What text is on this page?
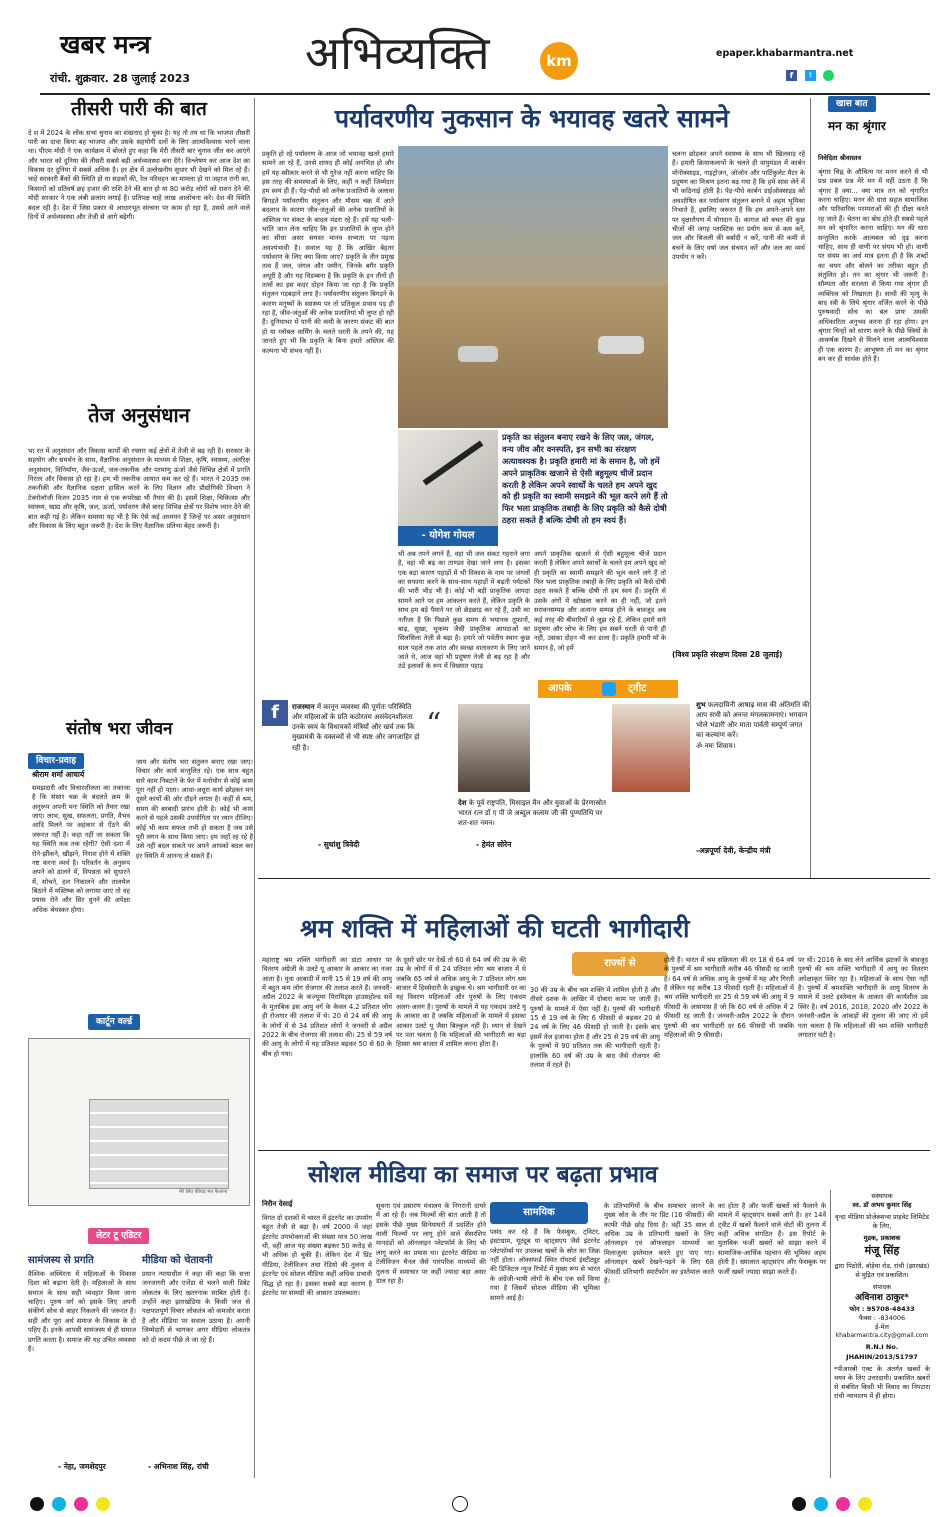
खबर मन्त्र
रांची. शुक्रवार. 28 जुलाई 2023 अभिव्यक्ति	km	epaper.khabarmantra.net
f	t
तीसरी पारी की बात
दे श में 2024 के लोक सभा चुनाव का शंखनाद हो चुका है। यह तो तय था कि भाजपा तीसरी पारी का दावा किया बह भाजपा और उसके सहयोगी दलों के लिए आत्मविश्वास भरने वाला था। पीएम मोदी ने एक कार्यक्रम में बोलते हुए कहा कि मेरी तीसरी बार चुनाव जीत कर आएंगे और भारत को दुनिया की तीसरी सबसे बड़ी अर्थव्यवस्था बना देंगे। विश्लेषण कर आज देश का विकास दर दुनिया में सबसे अधिक है। हर क्षेत्र में उल्लेखनीय सुधार भी देखने को मिल रहे हैं। चाहे सरकारी बैंकों की स्थिति हो या सड़कों की, रेल परिवहन का मामला हो या जहाज रानी का, किसानों को प्रतिवर्ष छह हजार की राशि देने की बात हो या 80 करोड़ लोगों को राशन देने की मोदी सरकार ने एक लंबी छलांग लगाई है। प्रतिपक्ष चाहे लाख आलोचना करे। देश की स्थिति बदल रही है। देश में जिस प्रकार से आधारभूत संरचना पर काम हो रहा है, उससे आने वाले दिनों में अर्थव्यवस्था और तेजी से आगे बढ़ेगी।
तेज अनुसंधान
भा रत में अनुसंधान और विकास कार्यों की रफ्तार कई क्षेत्रों में तेजी से बढ़ रही है। सरकार के सहयोग और समर्थन के साथ, वैज्ञानिक अनुसंधान के माध्यम से शिक्षा, कृषि, स्वास्थ्य, अंतरिक्ष अनुसंधान, विनिर्माण, जैव-ऊर्जा, जल-तकनीक और परमाणु ऊर्जा जैसे विभिन्न क्षेत्रों में प्रगति निरंतर और विकास हो रहा है। हम भी तकनीक आयात कम कर रहे हैं। भारत ने 2035 तक तकनीकी और वैज्ञानिक दक्षता हासिल करने के लिए विज्ञान और प्रौद्योगिकी विभाग ने टेक्नोलॉजी विजन 2035 नाम से एक रूपरेखा भी तैयार की है। इसमें शिक्षा, चिकित्सा और स्वास्थ्य, खाद्य और कृषि, जल, ऊर्जा, पर्यावरण जैसे बारह विभिन्न क्षेत्रों पर विशेष ध्यान देने की बात कही गई है। लेकिन समस्या यह भी है कि ऐसे कई अध्ययन हैं जिन्हें पर असर अनुसंधान और विकास के लिए बहुत जरूरी है। देश के लिए वैज्ञानिक प्रतिभा बेहद जरूरी है।
संतोष भरा जीवन
विचार-प्रवाह
श्रीराम शर्मा आचार्य
समझदारी और विचारशीलता का तकाजा है कि संसार चक्र के बदलते क्रम के अनुरूप अपनी मनः स्थिति को तैयार रखा जाए। लाभ, सुख, सफलता, प्रगति, वैभव आदि मिलने पर अहंकार से ऐंठने की जरूरत नहीं है। कहा नहीं जा सकता कि यह स्थिति कब तक रहेगी? ऐसी दशा में रोने-झींकने, खीझने, निराश होने में शक्ति नष्ट करना व्यर्थ है। परिवर्तन के अनुरूप अपने को ढालने में, विपन्नता को सुधारने में, सोचने, हल निकालने और तालमेल बिठाने में मस्तिष्क को लगाया जाए तो वह प्रयास रोने और सिर धुनने की अपेक्षा अधिक श्रेयस्कर होगा।
जाय और संतोष भरा संतुलन बनाए रखा जाए। विचार और कार्य सन्तुलित रहे। एक साथ बहुत सारे काम निबटाने के फेर में मनोयोग से कोई काम पूरा नहीं हो पाता। आधा-अधूरा कार्य छोड़कर मन दूसरे कार्यों की ओर दौड़ने लगता है। कहीं से श्रम, समय की बरबादी प्रारंभ होती है। कोई भी काम करने से पहले उसकी उपयोगिता पर ध्यान दीजिए। कोई भी काम सफल तभी हो सकता है जब उसे पूरी लगन के साथ किया जाए। हम जहाँ रह रहे हैं उसे नहीं बदल सकते पर अपने आपको बदल कर हर स्थिति में आनन्द ले सकते हैं।
कार्टून वर्ल्ड
मेरे लिए कीचड़ मत फैलाना
लेटर टू एडिटर
सामंजस्य से प्रगति
वैश्विक अस्थिरता में महिलाओं के विकास दिशा को बढ़ाना देती है। महिलाओं के साथ समाज के साथ सही व्यवहार किया जाना चाहिए। पुरुष वर्ग को इसके लिए अपनी संकीर्ण सोच से बाहर निकलने की जरूरत है। सही और पूरा अर्थ समाज के विकास के दो पहिए हैं। इनके आपसी सामंजस्य से ही समाज प्रगति करता है। समाज की यह उचित व्यवस्था है।
- नेहा, जमशेदपुर
मीडिया को चेतावनी
प्रधान न्यायाधीश ने कहा की कहा कि सत्ता जनजागरी और एजेंडा से चलने वाली डिबेट लोकतंत्र के लिए खतरनाक साबित होती है। उन्होंने कहा झारखंडिया के किसी जज से पक्षपातपूर्ण विचार लोकतंत्र को कमजोर करता है और मीडिया पर सवाल उठाया है। अपनी जिम्मेदारी से भागकर अगर मीडिया लोकतंत्र को दो कदम पीछे ले जा रहे हैं।
- अभिनाश सिंह, रांची
पर्यावरणीय नुकसान के भयावह खतरे सामने
प्रकृति हो रहे पर्यावरण के आज जो भयावह खतरे हमारे सामने आ रहे हैं, उनसे शायद ही कोई अनभिज्ञ हो और हमें यह स्वीकार करने से भी गुरेज नहीं करना चाहिए कि इस तरह की समस्याओं के लिए, कहीं न कहीं जिम्मेदार हम स्वयं ही हैं। पेड़-पौधों को अनेक प्रजातियों के अलावा बिगड़ते पर्यावरणीय संतुलन और मौसम चक्र में आते बदलाव के कारण जीव-जंतुओं की अनेक प्रजातियों के अस्तित्व पर संकट के बादल मंडरा रहे हैं। हमें यह भली-भांति जान लेना चाहिए कि इन प्रजातियों के लुप्त होने का सीधा असर समस्त मानव सभ्यता पर पड़ना अवश्यंभावी है। सवाल यह है कि आखिर बेहतर पर्यावरण के लिए क्या किया जाए? प्रकृति के तीन प्रमुख तत्व हैं जल, जंगल और जमीन, जिनके बगैर प्रकृति अधूरी है और यह विडम्बना है कि प्रकृति के इन तीनों ही तत्वों का इस कदर दोहन किया जा रहा है कि प्रकृति संतुलन गड़बड़ाने लगा है। पर्यावरणीय संतुलन बिगड़ने के कारण मनुष्यों के स्वास्थ्य पर तो प्रतिकूल प्रभाव पड़ ही रहा है, जीव-जंतुओं की अनेक प्रजातियां भी लुप्त हो रही हैं। दुनियाभर में पानी की कमी के कारण संकट की बात हो या ग्लोबल वार्मिंग के चलते धरती के तपने की, यह जानते हुए भी कि प्रकृति के बिना हमारे अस्तित्व की कल्पना भी संभव नहीं है।
- योगेश गोयल
प्रकृति का संतुलन बनाए रखने के लिए जल, जंगल, वन्य जीव और वनस्पति, इन सभी का संरक्षण अत्यावश्यक है। प्रकृति हमारी मां के समान है, जो हमें अपने प्राकृतिक खजाने से ऐसी बहुमूल्य चीजें प्रदान करती है लेकिन अपने स्वार्थों के चलते हम अपने खुद को ही प्रकृति का स्वामी समझने की भूल करने लगे हैं तो फिर भला प्राकृतिक तबाही के लिए प्रकृति को कैसे दोषी ठहरा सकते हैं बल्कि दोषी तो हम स्वयं हैं।
भी अब तपने लगने हैं, वहां भी जल संकट गहराने लगा है, वहां भी बढ़ का ताण्डव देखा जाने लगा है। इसका एक बड़ा कारण पहाड़ों में भी विकास के नाम पर जंगलों का सफाया करने के साथ-साथ पहाड़ों में बढ़ती पर्यटकों की भारी भीड़ भी है। कोई भी बड़ी प्राकृतिक आपदा सामने आने पर हम आंकलन करते हैं, लेकिन प्रकृति के साथ हम बड़े पैमाने पर जो छेड़छाड़ कर रहे हैं, उसी का नतीजा है कि पिछले कुछ समय से भयानक तूफानों, बाढ़, सूखा, भूकम्प जैसी प्राकृतिक आपदाओं का सिलसिला तेज़ी से बढ़ा है। हमारे जो पर्वतीय स्थान कुछ साल पहले तक शांत और स्वच्छ वातावरण के लिए जाने जाते थे, आज वहां भी प्रदूषण तेजी से बढ़ रहा है और ठंडे इलाकों के रूप में विख्यात पहाड़
अपने प्राकृतिक खजाने से ऐसी बहुमूल्य चीजें प्रदान करती है लेकिन अपने स्वार्थों के चलते हम अपने खुद को ही प्रकृति का स्वामी समझने की भूल करने लगे हैं तो फिर भला प्राकृतिक तबाही के लिए प्रकृति को कैसे दोषी ठहरा सकते हैं बल्कि दोषी तो हम स्वयं हैं। प्रकृति से उसके अंगों में खोखला करने का ही नहीं, जो इतने सरावनसम्पन्न और अत्यन्त सम्पन्न होने के बावजूद अब कई तरह की बीमारियों से जूझ रहे हैं, लेकिन हमारे सारे प्रदूषण और लोभ के लिए हम सबने धरती से पानी ही नहीं, उसका दोहन भी कर डाला है। प्रकृति हमारी माँ के समान है, जो हमें
चलना छोड़कर अपने स्वास्थ्य के साथ भी खिलवाड़ रहे हैं। हमारी क्रियाकलापों के चलते ही वायुमंडल में कार्बन मोनोक्साइड, नाइट्रोजन, ओजोन और पार्टिकुलेट मैटर के प्रदूषण का मिश्रण इतना बढ़ गया है कि हमें सांस लेने में भी कठिनाई होती है। पेड़-पौधे कार्बन डाईऑक्साइड को अवशोषित कर पर्यावरण संतुलन बनाने में अहम भूमिका निभाते हैं, इसलिए जरूरत है कि हम अपने-अपने स्तर पर वृक्षारोपण में योगदान दें। कागज को बचत की कुछ चीजों की जगह प्लास्टिक का प्रयोग कम से कम करें, जल और बिजली की बर्बादी न करें, पानी की कमी से बचने के लिए वर्षा जल संचयन करें और जल का व्यर्थ उपयोग न करें।
(विश्व प्रकृति संरक्षण दिवस 28 जुलाई)
आपके	ट्वीट
f	राजस्थान में कानून व्यवस्था की पूर्णतः परिस्थिति और महिलाओं के प्रति कठोरतम असंवेदनशीलता उनके स्वयं के विधायकों मंत्रियों और खर्च तक कि मुख्यमंत्री के वक्तव्यों से भी स्पष्ट और जगजाहिर हो रही है।
- सुधांशु त्रिवेदी
“
देश के पूर्व राष्ट्रपति, मिसाइल मैन और युवाओं के प्रेरणास्रोत भारत रत्न डॉ ए पी जे अब्दुल कलाम जी की पुण्यतिथि पर शत-शत नमन।
- हेमंत सोरेन
शुभ फलदायिनी आषाढ़ मास की अंतिमति की आप सभी को अनन्त मंगलकामनाएं। भगवान भोले भंडारी और माता पार्वती सम्पूर्ण जगत का कल्याण करें।
ॐ नमः शिवाय।
-अन्नपूर्णा देवी, केन्द्रीय मंत्री
खास बात
मन का श्रृंगार
निवेदिता श्रीवास्तव
श्रृंगार चिह्न के औचित्य पर मनन करने से भी प्रश्न प्रबल प्रश्न मेरे मन में वहीं उठता है कि श्रृंगार है क्या... क्या मात्र तन को शृंगारित करना चाहिए। मनन की धारा सहज सामाजिक और पारिवारिक परम्पराओं की ही दीक्षा करते रह जाते हैं। चेतना का बोध होते ही सबसे पहले मन को श्रृंगारित करना चाहिए। मन की धारा सन्तुलित करके आत्मबल को दृढ़ करना चाहिए, साथ ही वाणी पर संयम भी हो। वाणी पर संयम का अर्थ मात्र इतना ही है कि शब्दों का चयन और बोलने का तरीका बहुत ही संतुलित हो। तन का श्रृंगार भी जरूरी है। सौम्यता और सरलता से किया गया श्रृंगार ही व्यक्तित्व को निखारता है। साथी की मृत्यु के बाद स्त्री के लिये श्रृंगार वर्जित करने के पीछे पुरुषवादी सोच का बल प्रायः उसकी अधिकारिता अनुभव करना ही रहा होगा। इन श्रृंगार चिन्हों को धारण करने के पीछे स्त्रियों के आकर्षक दिखने से मिलने वाला आत्मविश्वास ही एक कारण है। आभूषण तो मन का श्रृंगार बन कर ही सार्थक होते हैं।
श्रम शक्ति में महिलाओं की घटती भागीदारी
राज्यों से
महाराष्ट्र श्रम शक्ति भागीदारी का डाटा आधार पर वितरण अंग्रेजी के उलटे यू आकार के आकार का नजर आता है। युवा आबादी में यानी 15 से 19 वर्ष की आयु में बहुत कम लोग रोजगार की तलाश करते हैं। जनवरी-अप्रैल 2022 के कंज्यूमर पिरामिड्स हाउसहोल्ड सर्वे के मुताबिक इस आयु वर्ग के केवल 4.2 प्रतिशत लोग ही रोजगार की तलाश में थे। 20 से 24 वर्ष की आयु के लोगों में से 34 प्रतिशत लोगों ने जनवरी से अप्रैल 2022 के बीच रोजगार की तलाश की। 25 से 59 वर्ष की आयु के लोगों में यह प्रतिशत बढ़कर 50 से 60 के बीच हो गया।
के दूसरे छोर पर देखें तो 60 से 64 वर्ष की उम्र के की उम्र के लोगों में से 24 प्रतिशत लोग श्रम बाजार में थे जबकि 65 वर्ष से अधिक आयु के 7 प्रतिशत लोग श्रम बाजार में हिस्सेदारी के इच्छुक थे। श्रम भागीदारी दर का यह विवरण महिलाओं और पुरुषों के लिए एकदम अलग-अलग है। पुरुषों के मामले में यह एकदम उलटे यू के आकार का है जबकि महिलाओं के मामले में इसका आकार उलटे यू जैसा बिल्कुल नहीं है। ध्यान से देखने पर पता चलता है कि महिलाओं की भागीदारी का बड़ा हिस्सा श्रम बाजार में शामिल करना होता है।
30 की उम्र के बीच श्रम शक्ति में शामिल होती है और तीसरे दशक के आखिर में दोबारा काम पर जाती हैं। पुरुषों के मामले में ऐसा नहीं है। पुरुषों की भागीदारी 15 से 19 वर्ष के लिए 6 फीसदी से बढ़कर 20 से 24 वर्ष के लिए 46 फीसदी हो जाती है। इसके बाद इसमें तेज इजाफा होता है और 25 से 29 वर्ष की आयु के पुरुषों में 90 प्रतिशत तक की भागीदारी रहती है। हालांकि 60 वर्ष की उम्र के बाद जैसे रोजगार की तलाश में रहते हैं।
होती हैं। भारत में श्रम सक्रियता की दर 18 से 64 वर्ष के पुरुषों में श्रम भागीदारी करीब 46 फीसदी रह जाती है। 64 वर्ष से अधिक आयु के पुरुषों में यह और गिरती है लेकिन यह करीब 13 फीसदी रहती है। महिलाओं में श्रम शक्ति भागीदारी दर 25 से 59 वर्ष की आयु में 9 फीसदी के आसपास है जो कि 60 वर्ष से अधिक में 2 फीसदी रह जाती है। जनवरी-अप्रैल 2022 के दौरान पुरुषों की श्रम भागीदारी दर 66 फीसदी थी जबकि महिलाओं की 9 फीसदी।
पर थी। 2016 के बाद लेने आर्थिक झटकों के बावजूद पुरुषों की श्रम शक्ति भागीदारी में आयु का वितरण अपेक्षाकृत स्थिर रहा है। महिलाओं के साथ ऐसा नहीं है। पुरुषों में श्रमशक्ति भागीदारी के आयु वितरण के मामले में उलटे इस्तेमाल के आकार की कार्यशील उम्र स्थिर है। वर्ष 2016, 2018, 2020 और 2022 के जनवरी-अप्रैल के आंकड़ों की तुलना की जाए तो हमें पता चलता है कि महिलाओं की श्रम शक्ति भागीदारी लगातार घटी है।
सोशल मीडिया का समाज पर बढ़ता प्रभाव
निरीन देसाई
विगत दो दशकों में भारत में इंटरनेट का उपयोग बहुत तेजी से बढ़ा है। वर्ष 2000 में जहां इंटरनेट उपभोक्ताओं की संख्या मात्र 50 लाख थी, वहीं आज यह संख्या बढ़कर 50 करोड़ से भी अधिक हो चुकी है। लेकिन देश में प्रिंट मीडिया, टेलीविजन तथा रेडियो की तुलना में इंटरनेट एवं सोशल मीडिया कहीं अधिक प्रभावी सिद्ध हो रहा है। इसका सबसे बड़ा कारण है इंटरनेट पर सामग्री की आसान उपलब्धता।
सूचना एवं प्रसारण मंत्रालय के निगरानी दायरे में आ रहे हैं। जब फिल्मों की बात आती है तो इसके पीछे मुख्य सिनेमाघरों में प्रदर्शित होने वाली फिल्मों पर लागू होने वाले सेंसरशिप मानदंडों को ऑनलाइन प्लेटफॉर्म के लिए भी लागू करने का प्रयास था। इंटरनेट मीडिया या टेलीविजन चैनल जैसे पारंपरिक माध्यमों की तुलना में समाचार पर कहीं ज्यादा बड़ा असर डाल रहा है।
सामयिक
पसंद कर रहे हैं कि फेसबुक, ट्विटर, इंस्टाग्राम, यूट्यूब या व्हाट्सएप जैसे इंटरनेट प्लेटफॉर्म्स पर उपलब्ध खबरें के स्रोत का जिक्र नहीं होता। ऑक्सफर्ड स्थित रॉयटर्स इंस्टीट्यूट की डिजिटल न्यूज रिपोर्ट में मुख्य रूप से भारत के अंग्रेजी-भाषी लोगों के बीच एक सर्वे किया गया है जिसमें सोशल मीडिया की भूमिका सामने आई है।
के प्रतिभागियों के बीच समाचार जानने के मुख्य स्रोत के तौर पर प्रिंट (16 फीसदी) की काफी पीछे छोड़ दिया है। वहीं 35 साल से अधिक उम्र के प्रतिभागी खबरों के लिए ऑनलाइन एवं ऑफलाइन माध्यमों का मिलाजुला इस्तेमाल करते हुए पाए गए। ऑनलाइन खबरें देखने-पढ़ने के लिए 68 फीसदी प्रतिभागी स्मार्टफोन का इस्तेमाल करते हैं।
का होता है और फर्जी खबरों को फैलाने के मामले में व्हाट्सएप सबसे आगे है। हर 14वें ट्वीट में खबरें फैलाने वाले वोटों की तुलना में कहीं अधिक संगठित हैं। इस रिपोर्ट के मुताबिक फर्जी खबरों को साझा करने में सामाजिक-आर्थिक पहचान की भूमिका अहम होती है। ख्यालात व्हाट्सएप और फेसबुक पर फर्जी खबरें ज्यादा साझा करते हैं।
संस्थापक
स्व. डॉ अभय कुमार सिंह
वृन्दा मीडिया प्रोजेक्शन्स प्राइवेट लिमिटेड के लिए,
मुद्रक, प्रकाशक
मंजू सिंह
द्वारा पिठोरी, बोड़ेया रोड, रांची (झारखंड) से मुद्रित एवं प्रकाशित।
संपादक
अविनाश ठाकुर*
फोन : 95708-48433
फैक्स : -834006
ई-मेल
khabarmantra.city@gmail.com
R.N.I No.
JHAHIN/2013/51797
*पीआरबी एक्ट के अंतर्गत खबरों के चयन के लिए उत्तरदायी। प्रकाशित खबरों से संबंधित किसी भी विवाद का निपटारा रांची न्यायालय में ही होगा।
